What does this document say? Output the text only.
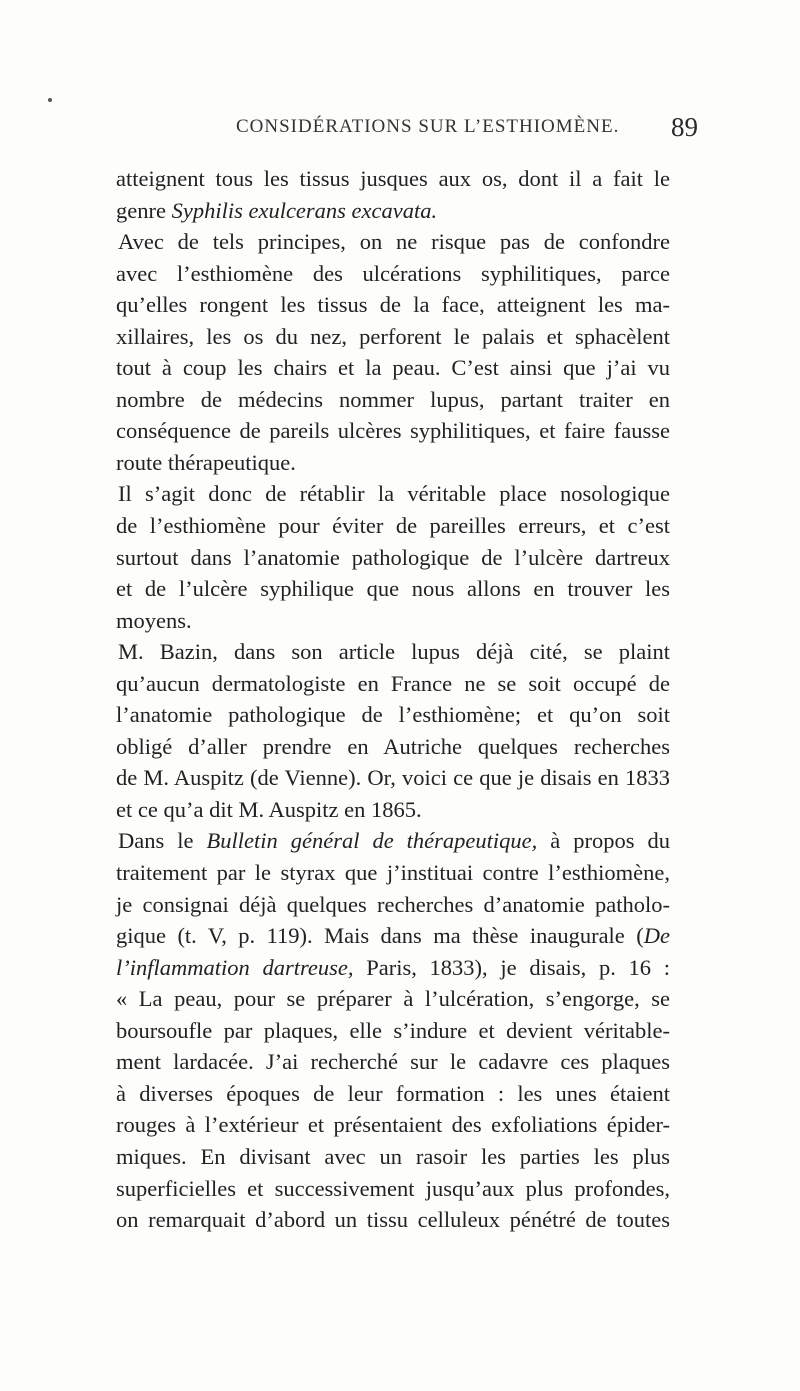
CONSIDÉRATIONS SUR L’ESTHIOMÈNE. 89
atteignent tous les tissus jusques aux os, dont il a fait le
genre Syphilis exulcerans excavata.
Avec de tels principes, on ne risque pas de confondre
avec l’esthiomène des ulcérations syphilitiques, parce
qu’elles rongent les tissus de la face, atteignent les ma-
xillaires, les os du nez, perforent le palais et sphacèlent
tout à coup les chairs et la peau. C’est ainsi que j’ai vu
nombre de médecins nommer lupus, partant traiter en
conséquence de pareils ulcères syphilitiques, et faire fausse
route thérapeutique.
Il s’agit donc de rétablir la véritable place nosologique
de l’esthiomène pour éviter de pareilles erreurs, et c’est
surtout dans l’anatomie pathologique de l’ulcère dartreux
et de l’ulcère syphilique que nous allons en trouver les
moyens.
M. Bazin, dans son article lupus déjà cité, se plaint
qu’aucun dermatologiste en France ne se soit occupé de
l’anatomie pathologique de l’esthiomène; et qu’on soit
obligé d’aller prendre en Autriche quelques recherches
de M. Auspitz (de Vienne). Or, voici ce que je disais en 1833
et ce qu’a dit M. Auspitz en 1865.
Dans le Bulletin général de thérapeutique, à propos du
traitement par le styrax que j’instituai contre l’esthiomène,
je consignai déjà quelques recherches d’anatomie patholo-
gique (t. V, p. 119). Mais dans ma thèse inaugurale (De
l’inflammation dartreuse, Paris, 1833), je disais, p. 16 :
« La peau, pour se préparer à l’ulcération, s’engorge, se
boursoufle par plaques, elle s’indure et devient véritable-
ment lardacée. J’ai recherché sur le cadavre ces plaques
à diverses époques de leur formation : les unes étaient
rouges à l’extérieur et présentaient des exfoliations épider-
miques. En divisant avec un rasoir les parties les plus
superficielles et successivement jusqu’aux plus profondes,
on remarquait d’abord un tissu celluleux pénétré de toutes
